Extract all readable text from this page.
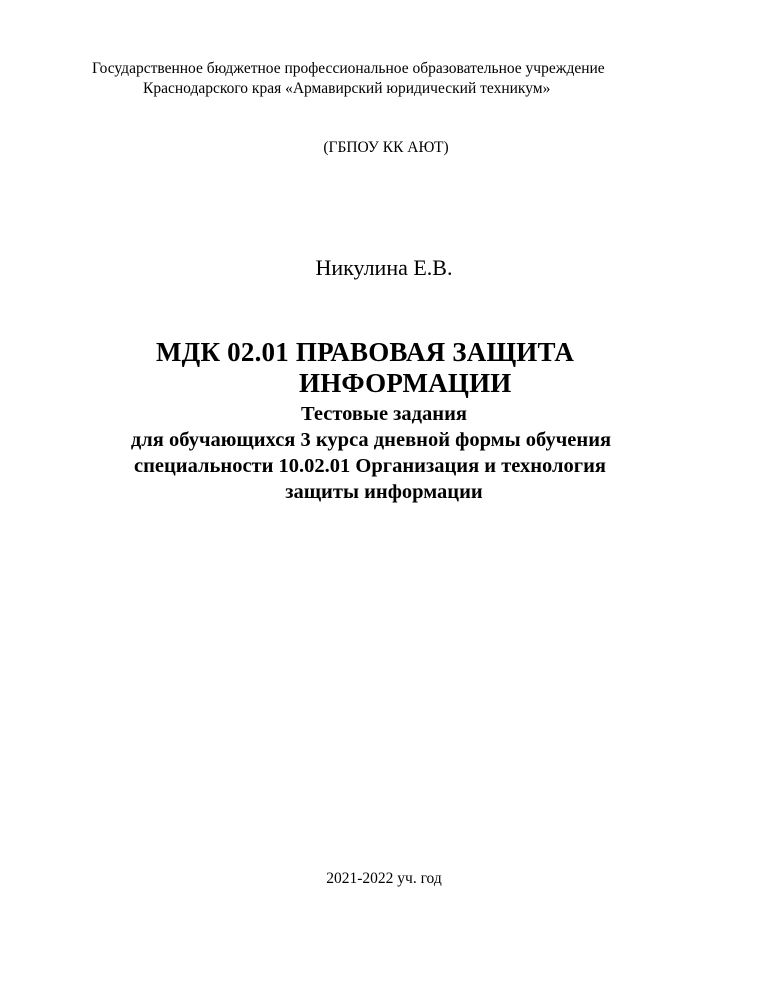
Государственное бюджетное профессиональное образовательное учреждение
Краснодарского края «Армавирский юридический техникум»
(ГБПОУ КК АЮТ)
Никулина Е.В.
МДК 02.01 ПРАВОВАЯ ЗАЩИТА
ИНФОРМАЦИИ
Тестовые задания
для обучающихся 3 курса дневной формы обучения
специальности 10.02.01 Организация и технология
защиты информации
2021-2022 уч. год
